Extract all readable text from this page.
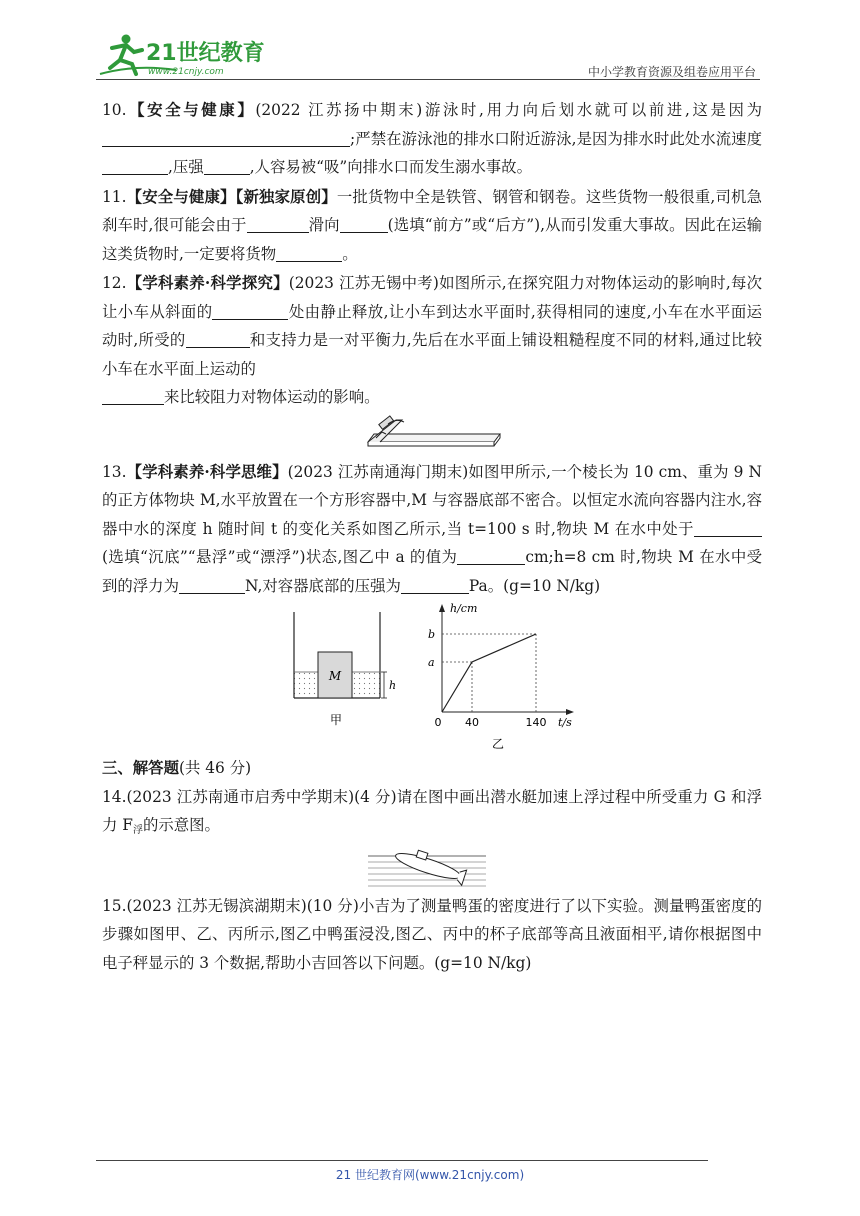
21世纪教育
www.21cnjy.com	中小学教育资源及组卷应用平台

10.【安全与健康】(2022 江苏扬中期末)游泳时,用力向后划水就可以前进,这是因为;严禁在游泳池的排水口附近游泳,是因为排水时此处水流速度,压强	,人容易被“吸”向排水口而发生溺水事故。

11.【安全与健康】【新独家原创】一批货物中全是铁管、钢管和钢卷。这些货物一般很重,司机急刹车时,很可能会由于	滑向	(选填“前方”或“后方”),从而引发重大事故。因此在运输这类货物时,一定要将货物	。

12.【学科素养·科学探究】(2023 江苏无锡中考)如图所示,在探究阻力对物体运动的影响时,每次让小车从斜面的	处由静止释放,让小车到达水平面时,获得相同的速度,小车在水平面运动时,所受的	和支持力是一对平衡力,先后在水平面上铺设粗糙程度不同的材料,通过比较小车在水平面上运动的
来比较阻力对物体运动的影响。

13.【学科素养·科学思维】(2023 江苏南通海门期末)如图甲所示,一个棱长为 10 cm、重为 9 N 的正方体物块 M,水平放置在一个方形容器中,M 与容器底部不密合。以恒定水流向容器内注水,容器中水的深度 h 随时间 t 的变化关系如图乙所示,当 t=100 s 时,物块 M 在水中处于(选填“沉底”“悬浮”或“漂浮”)状态,图乙中 a 的值为	cm;h=8 cm 时,物块 M 在水中受到的浮力为	N,对容器底部的压强为	Pa。(g=10 N/kg)

M
h
甲
h/cm
b
a
0 40	140 t/s
乙

三、解答题(共 46 分)

14.(2023 江苏南通市启秀中学期末)(4 分)请在图中画出潜水艇加速上浮过程中所受重力 G 和浮力 $F_浮$的示意图。

15.(2023 江苏无锡滨湖期末)(10 分)小吉为了测量鸭蛋的密度进行了以下实验。测量鸭蛋密度的步骤如图甲、乙、丙所示,图乙中鸭蛋浸没,图乙、丙中的杯子底部等高且液面相平,请你根据图中电子秤显示的 3 个数据,帮助小吉回答以下问题。(g=10 N/kg)

21 世纪教育网(www.21cnjy.com)
